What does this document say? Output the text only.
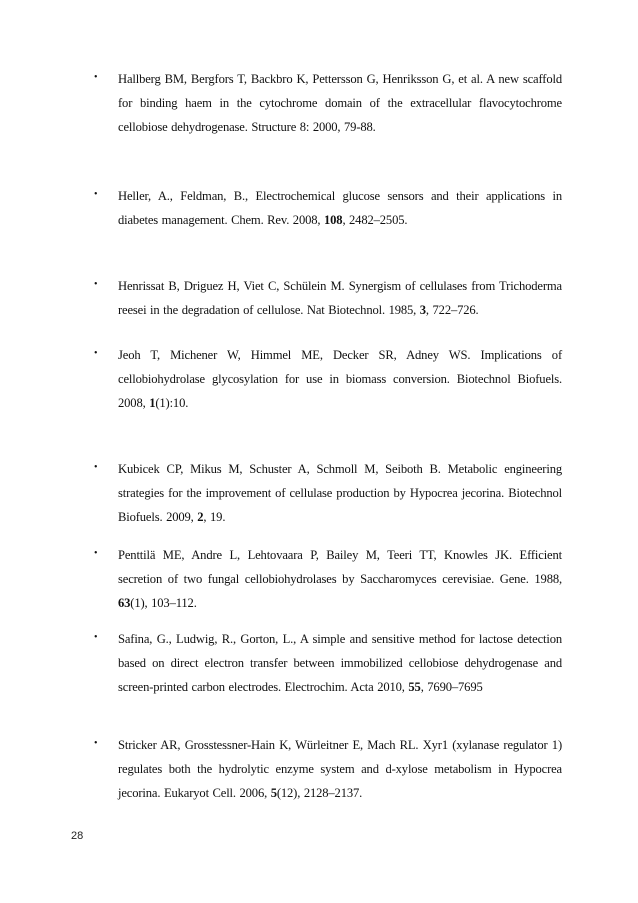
• Hallberg BM, Bergfors T, Backbro K, Pettersson G, Henriksson G, et al. A new scaffold for binding haem in the cytochrome domain of the extracellular flavocytochrome cellobiose dehydrogenase. Structure 8: 2000, 79-88.
• Heller, A., Feldman, B., Electrochemical glucose sensors and their applications in diabetes management. Chem. Rev. 2008, 108, 2482–2505.
• Henrissat B, Driguez H, Viet C, Schülein M. Synergism of cellulases from Trichoderma reesei in the degradation of cellulose. Nat Biotechnol. 1985, 3, 722–726.
• Jeoh T, Michener W, Himmel ME, Decker SR, Adney WS. Implications of cellobiohydrolase glycosylation for use in biomass conversion. Biotechnol Biofuels. 2008, 1(1):10.
• Kubicek CP, Mikus M, Schuster A, Schmoll M, Seiboth B. Metabolic engineering strategies for the improvement of cellulase production by Hypocrea jecorina. Biotechnol Biofuels. 2009, 2, 19.
• Penttilä ME, Andre L, Lehtovaara P, Bailey M, Teeri TT, Knowles JK. Efficient secretion of two fungal cellobiohydrolases by Saccharomyces cerevisiae. Gene. 1988, 63(1), 103–112.
• Safina, G., Ludwig, R., Gorton, L., A simple and sensitive method for lactose detection based on direct electron transfer between immobilized cellobiose dehydrogenase and screen-printed carbon electrodes. Electrochim. Acta 2010, 55, 7690–7695
• Stricker AR, Grosstessner-Hain K, Würleitner E, Mach RL. Xyr1 (xylanase regulator 1) regulates both the hydrolytic enzyme system and d-xylose metabolism in Hypocrea jecorina. Eukaryot Cell. 2006, 5(12), 2128–2137.
28
